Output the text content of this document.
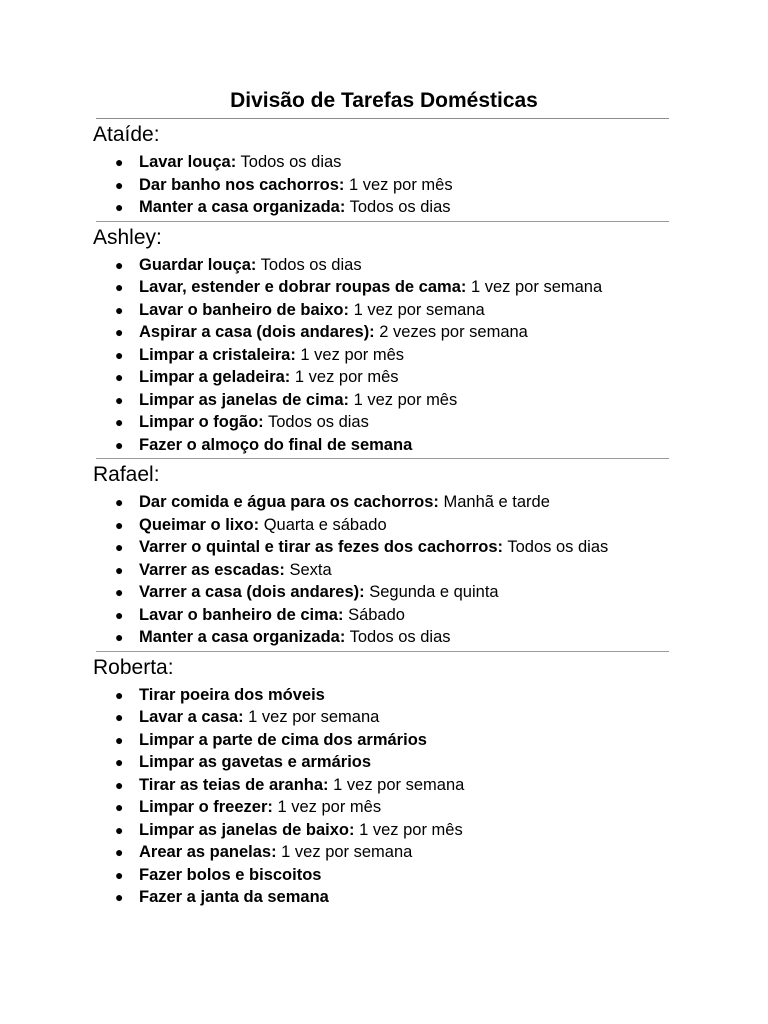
Divisão de Tarefas Domésticas
Ataíde:
● Lavar louça: Todos os dias
● Dar banho nos cachorros: 1 vez por mês
● Manter a casa organizada: Todos os dias
Ashley:
● Guardar louça: Todos os dias
● Lavar, estender e dobrar roupas de cama: 1 vez por semana
● Lavar o banheiro de baixo: 1 vez por semana
● Aspirar a casa (dois andares): 2 vezes por semana
● Limpar a cristaleira: 1 vez por mês
● Limpar a geladeira: 1 vez por mês
● Limpar as janelas de cima: 1 vez por mês
● Limpar o fogão: Todos os dias
● Fazer o almoço do final de semana
Rafael:
● Dar comida e água para os cachorros: Manhã e tarde
● Queimar o lixo: Quarta e sábado
● Varrer o quintal e tirar as fezes dos cachorros: Todos os dias
● Varrer as escadas: Sexta
● Varrer a casa (dois andares): Segunda e quinta
● Lavar o banheiro de cima: Sábado
● Manter a casa organizada: Todos os dias
Roberta:
● Tirar poeira dos móveis
● Lavar a casa: 1 vez por semana
● Limpar a parte de cima dos armários
● Limpar as gavetas e armários
● Tirar as teias de aranha: 1 vez por semana
● Limpar o freezer: 1 vez por mês
● Limpar as janelas de baixo: 1 vez por mês
● Arear as panelas: 1 vez por semana
● Fazer bolos e biscoitos
● Fazer a janta da semana
